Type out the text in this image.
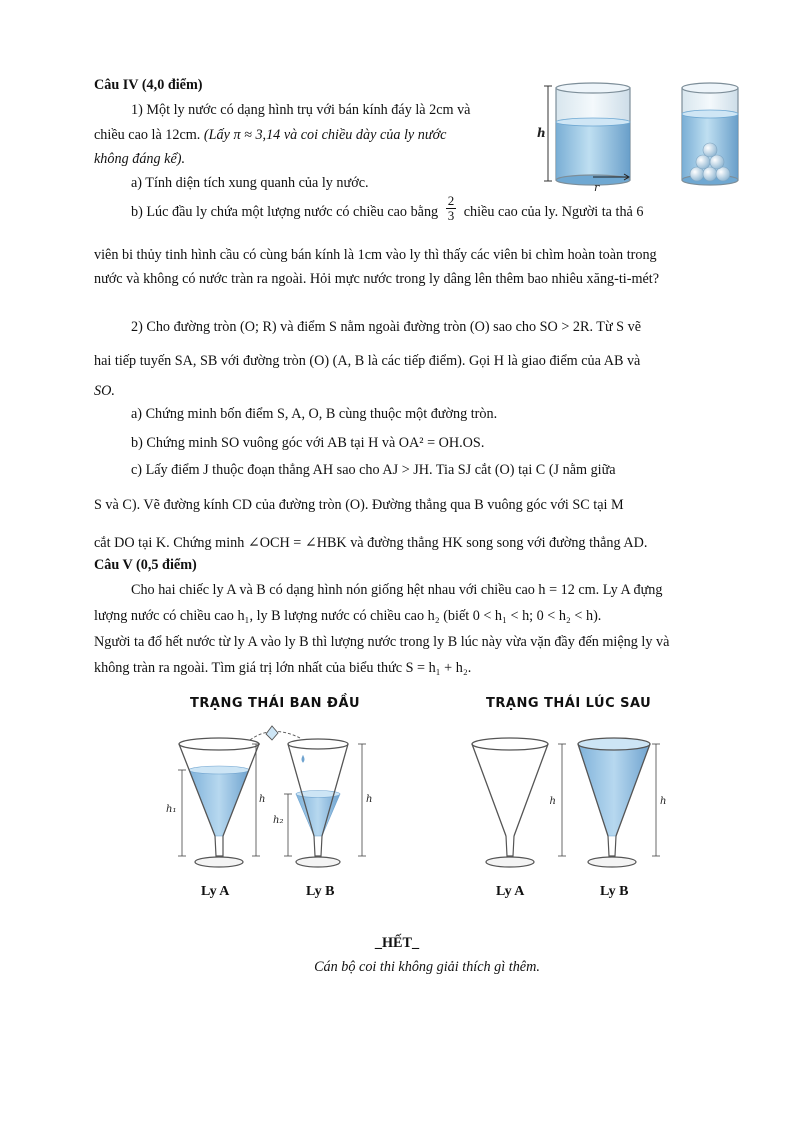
Câu IV (4,0 điểm)
1) Một ly nước có dạng hình trụ với bán kính đáy là 2cm và
chiều cao là 12cm. (Lấy π ≈ 3,14 và coi chiều dày của ly nước
không đáng kể).
a) Tính diện tích xung quanh của ly nước.
b) Lúc đầu ly chứa một lượng nước có chiều cao bằng $\frac{2}{3}$ chiều cao của ly. Người ta thả 6
viên bi thủy tinh hình cầu có cùng bán kính là 1cm vào ly thì thấy các viên bi chìm hoàn toàn trong
nước và không có nước tràn ra ngoài. Hỏi mực nước trong ly dâng lên thêm bao nhiêu xăng-ti-mét?
2) Cho đường tròn (O; R) và điểm S nằm ngoài đường tròn (O) sao cho SO > 2R. Từ S vẽ
hai tiếp tuyến SA, SB với đường tròn (O) (A, B là các tiếp điểm). Gọi H là giao điểm của AB và
SO.
a) Chứng minh bốn điểm S, A, O, B cùng thuộc một đường tròn.
b) Chứng minh SO vuông góc với AB tại H và OA² = OH.OS.
c) Lấy điểm J thuộc đoạn thẳng AH sao cho AJ > JH. Tia SJ cắt (O) tại C (J nằm giữa
S và C). Vẽ đường kính CD của đường tròn (O). Đường thẳng qua B vuông góc với SC tại M
cắt DO tại K. Chứng minh ∠OCH = ∠HBK và đường thẳng HK song song với đường thẳng AD.
h
r
Câu V (0,5 điểm)
Cho hai chiếc ly A và B có dạng hình nón giống hệt nhau với chiều cao h = 12 cm. Ly A đựng
lượng nước có chiều cao h₁, ly B lượng nước có chiều cao h₂ (biết 0 < h₁ < h; 0 < h₂ < h).
Người ta đổ hết nước từ ly A vào ly B thì lượng nước trong ly B lúc này vừa vặn đầy đến miệng ly và
không tràn ra ngoài. Tìm giá trị lớn nhất của biểu thức S = h₁ + h₂.
TRẠNG THÁI BAN ĐẦU	TRẠNG THÁI LÚC SAU
h₁
h
h₂
h	h	h
Ly A	Ly B	Ly A	Ly B
_HẾT_
Cán bộ coi thi không giải thích gì thêm.
